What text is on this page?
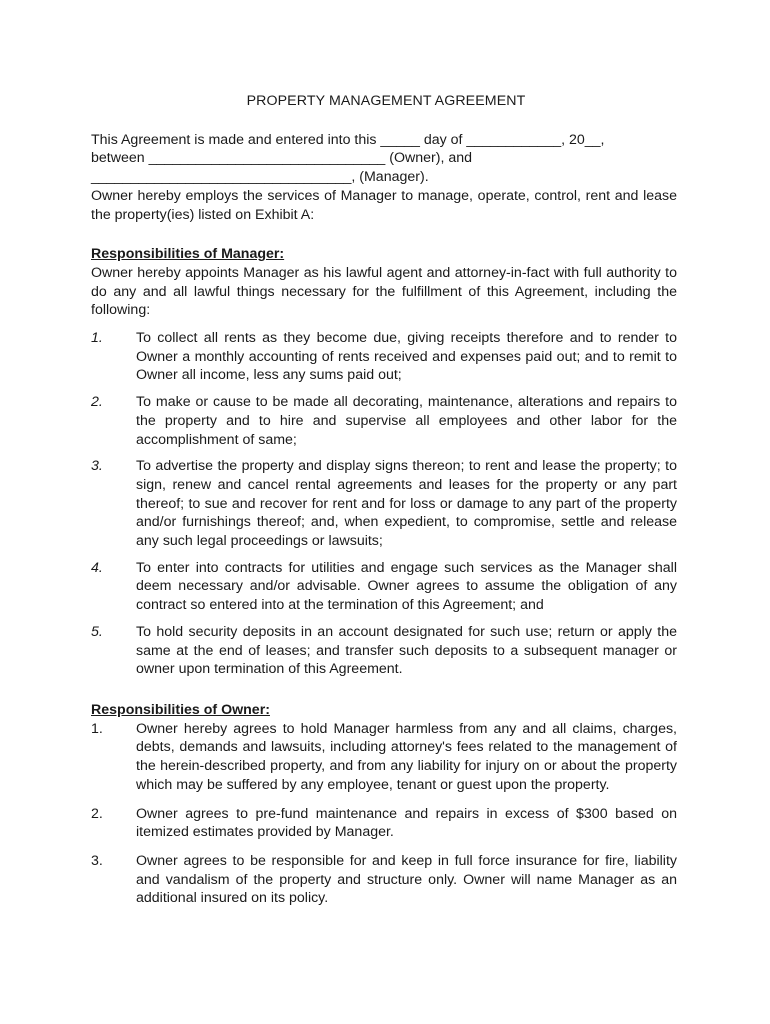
PROPERTY MANAGEMENT AGREEMENT

This Agreement is made and entered into this _____ day of ____________, 20__,

between ______________________________ (Owner), and

_________________________________, (Manager).

Owner hereby employs the services of Manager to manage, operate, control, rent and lease the property(ies) listed on Exhibit A:

Responsibilities of Manager:

Owner hereby appoints Manager as his lawful agent and attorney-in-fact with full authority to do any and all lawful things necessary for the fulfillment of this Agreement, including the following:

1. To collect all rents as they become due, giving receipts therefore and to render to Owner a monthly accounting of rents received and expenses paid out; and to remit to Owner all income, less any sums paid out;
2. To make or cause to be made all decorating, maintenance, alterations and repairs to the property and to hire and supervise all employees and other labor for the accomplishment of same;
3. To advertise the property and display signs thereon; to rent and lease the property; to sign, renew and cancel rental agreements and leases for the property or any part thereof; to sue and recover for rent and for loss or damage to any part of the property and/or furnishings thereof; and, when expedient, to compromise, settle and release any such legal proceedings or lawsuits;
4. To enter into contracts for utilities and engage such services as the Manager shall deem necessary and/or advisable. Owner agrees to assume the obligation of any contract so entered into at the termination of this Agreement; and
5. To hold security deposits in an account designated for such use; return or apply the same at the end of leases; and transfer such deposits to a subsequent manager or owner upon termination of this Agreement.
Responsibilities of Owner:
1. Owner hereby agrees to hold Manager harmless from any and all claims, charges, debts, demands and lawsuits, including attorney's fees related to the management of the herein-described property, and from any liability for injury on or about the property which may be suffered by any employee, tenant or guest upon the property.
2. Owner agrees to pre-fund maintenance and repairs in excess of $300 based on itemized estimates provided by Manager.
3. Owner agrees to be responsible for and keep in full force insurance for fire, liability and vandalism of the property and structure only. Owner will name Manager as an additional insured on its policy.
